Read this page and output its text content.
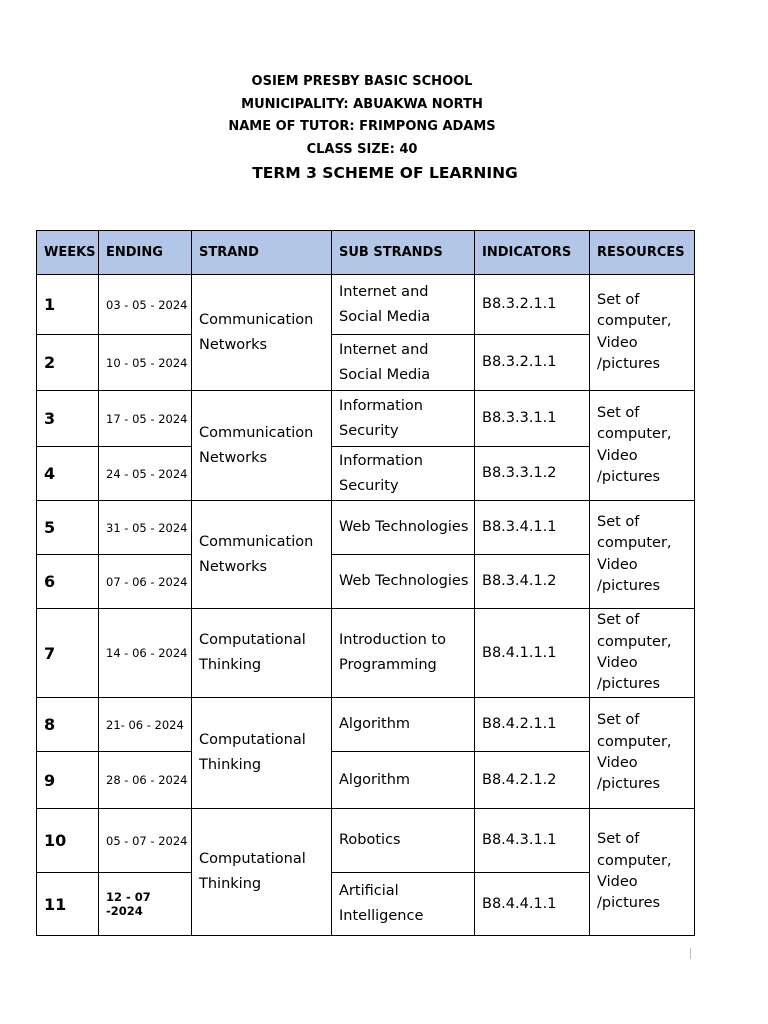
OSIEM PRESBY BASIC SCHOOL
MUNICIPALITY: ABUAKWA NORTH
NAME OF TUTOR: FRIMPONG ADAMS
CLASS SIZE: 40
TERM 3 SCHEME OF LEARNING
WEEKS	ENDING	STRAND	SUB STRANDS	INDICATORS	RESOURCES
1	03 - 05 - 2024	Communication Networks	Internet and Social Media	B8.3.2.1.1	Set of
computer,
Video
/pictures

2	10 - 05 - 2024		Internet and Social Media	B8.3.2.1.1	
3	17 - 05 - 2024	Communication Networks	Information Security	B8.3.3.1.1	Set of
computer,
Video
/pictures

4	24 - 05 - 2024		Information Security	B8.3.3.1.2	
5	31 - 05 - 2024	Communication Networks	Web Technologies	B8.3.4.1.1	Set of
computer,
Video
/pictures

6	07 - 06 - 2024		Web Technologies	B8.3.4.1.2	
7	14 - 06 - 2024	Computational Thinking	Introduction to Programming	B8.4.1.1.1	Set of
computer,
Video
/pictures

8	21- 06 - 2024	Computational Thinking	Algorithm	B8.4.2.1.1	Set of
computer,
Video
/pictures

9	28 - 06 - 2024		Algorithm	B8.4.2.1.2	
10	05 - 07 - 2024	Computational Thinking	Robotics	B8.4.3.1.1	Set of
computer,
Video
/pictures

11	12 - 07 -2024		Artificial Intelligence	B8.4.4.1.1	
